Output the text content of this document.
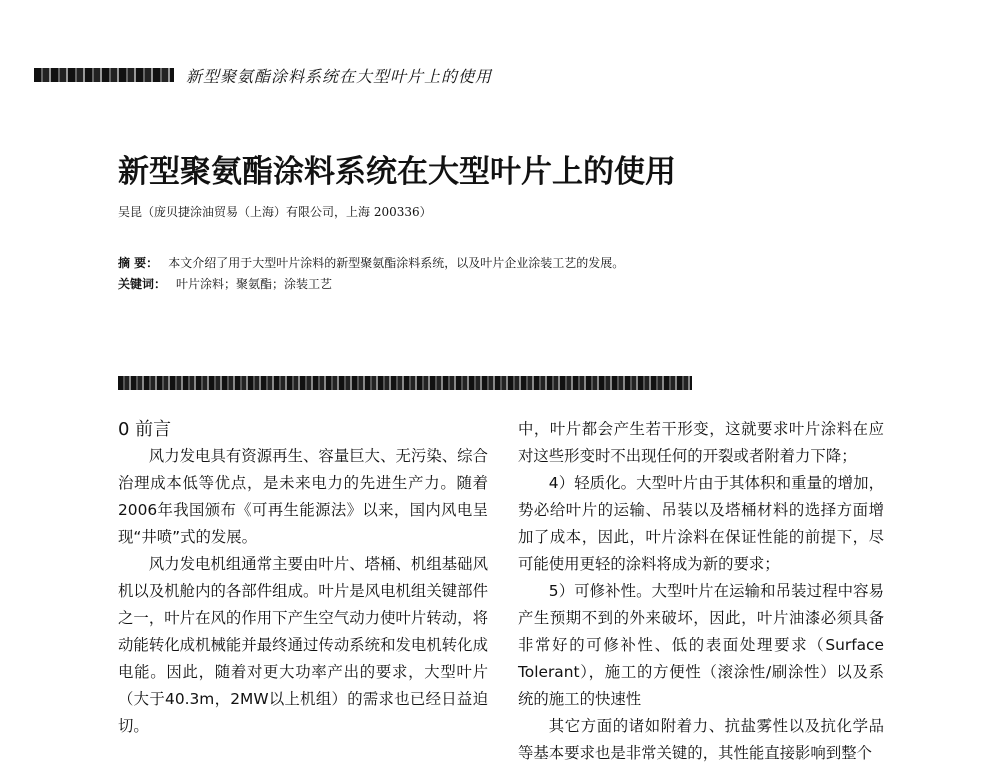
新型聚氨酯涂料系统在大型叶片上的使用
新型聚氨酯涂料系统在大型叶片上的使用
吴昆（庞贝捷涂油贸易（上海）有限公司，上海 200336）
摘 要： 本文介绍了用于大型叶片涂料的新型聚氨酯涂料系统，以及叶片企业涂装工艺的发展。
关键词： 叶片涂料；聚氨酯；涂装工艺
0 前言

风力发电具有资源再生、容量巨大、无污染、综合治理成本低等优点，是未来电力的先进生产力。随着2006年我国颁布《可再生能源法》以来，国内风电呈现“井喷”式的发展。

风力发电机组通常主要由叶片、塔桶、机组基础风机以及机舱内的各部件组成。叶片是风电机组关键部件之一，叶片在风的作用下产生空气动力使叶片转动，将动能转化成机械能并最终通过传动系统和发电机转化成电能。因此，随着对更大功率产出的要求，大型叶片（大于40.3m，2MW以上机组）的需求也已经日益迫切。

中，叶片都会产生若干形变，这就要求叶片涂料在应对这些形变时不出现任何的开裂或者附着力下降；

4）轻质化。大型叶片由于其体积和重量的增加，势必给叶片的运输、吊装以及塔桶材料的选择方面增加了成本，因此，叶片涂料在保证性能的前提下，尽可能使用更轻的涂料将成为新的要求；

5）可修补性。大型叶片在运输和吊装过程中容易产生预期不到的外来破坏，因此，叶片油漆必须具备非常好的可修补性、低的表面处理要求（Surface Tolerant），施工的方便性（滚涂性/刷涂性）以及系统的施工的快速性

其它方面的诸如附着力、抗盐雾性以及抗化学品等基本要求也是非常关键的，其性能直接影响到整个
